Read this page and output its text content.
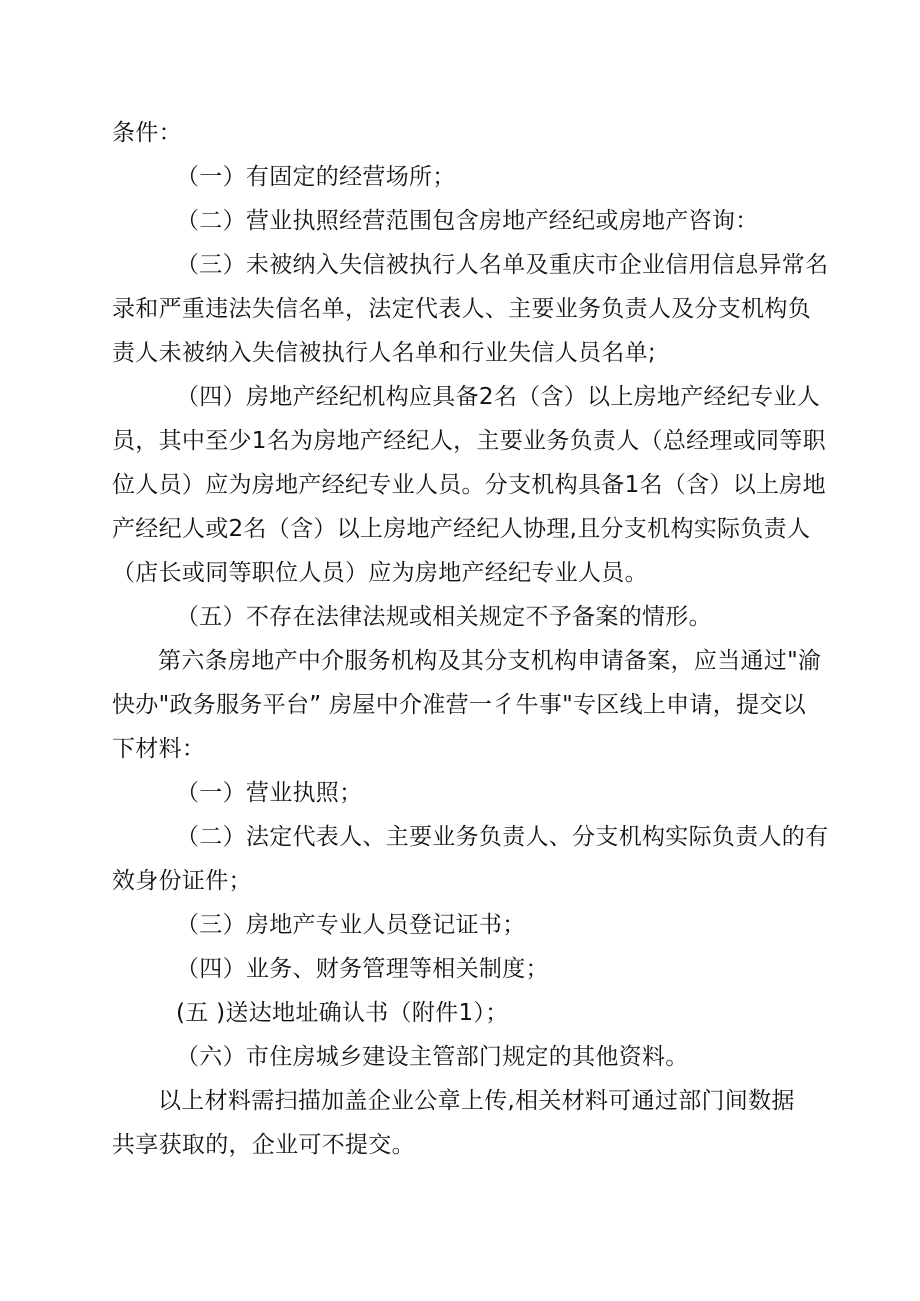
条件：
（一）有固定的经营场所；
（二）营业执照经营范围包含房地产经纪或房地产咨询：
（三）未被纳入失信被执行人名单及重庆市企业信用信息异常名
录和严重违法失信名单，法定代表人、主要业务负责人及分支机构负
责人未被纳入失信被执行人名单和行业失信人员名单;
（四）房地产经纪机构应具备2名（含）以上房地产经纪专业人
员，其中至少1名为房地产经纪人，主要业务负责人（总经理或同等职
位人员）应为房地产经纪专业人员。分支机构具备1名（含）以上房地
产经纪人或2名（含）以上房地产经纪人协理,且分支机构实际负责人
（店长或同等职位人员）应为房地产经纪专业人员。
（五）不存在法律法规或相关规定不予备案的情形。
第六条房地产中介服务机构及其分支机构申请备案，应当通过"渝
快办"政务服务平台” 房屋中介准营一彳牛事"专区线上申请，提交以
下材料：
（一）营业执照；
（二）法定代表人、主要业务负责人、分支机构实际负责人的有
效身份证件；
（三）房地产专业人员登记证书；
（四）业务、财务管理等相关制度；
(五 )送达地址确认书（附件1）；
（六）市住房城乡建设主管部门规定的其他资料。
以上材料需扫描加盖企业公章上传,相关材料可通过部门间数据
共享获取的，企业可不提交。
